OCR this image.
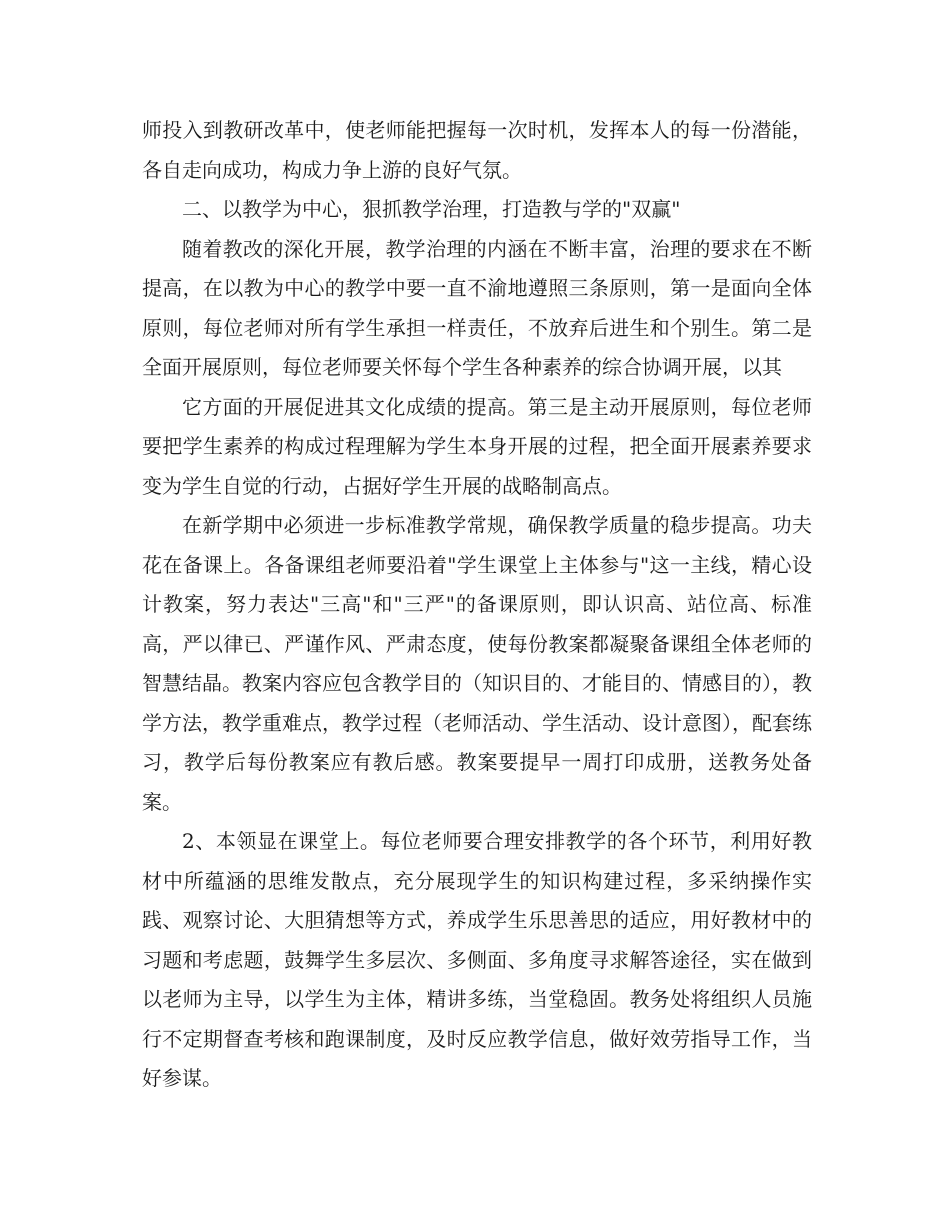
师投入到教研改革中，使老师能把握每一次时机，发挥本人的每一份潜能，各自走向成功，构成力争上游的良好气氛。

二、以教学为中心，狠抓教学治理，打造教与学的"双赢"

随着教改的深化开展，教学治理的内涵在不断丰富，治理的要求在不断提高，在以教为中心的教学中要一直不渝地遵照三条原则，第一是面向全体原则，每位老师对所有学生承担一样责任，不放弃后进生和个别生。第二是全面开展原则，每位老师要关怀每个学生各种素养的综合协调开展，以其

它方面的开展促进其文化成绩的提高。第三是主动开展原则，每位老师要把学生素养的构成过程理解为学生本身开展的过程，把全面开展素养要求变为学生自觉的行动，占据好学生开展的战略制高点。

在新学期中必须进一步标准教学常规，确保教学质量的稳步提高。功夫花在备课上。各备课组老师要沿着"学生课堂上主体参与"这一主线，精心设计教案，努力表达"三高"和"三严"的备课原则，即认识高、站位高、标准高，严以律已、严谨作风、严肃态度，使每份教案都凝聚备课组全体老师的智慧结晶。教案内容应包含教学目的（知识目的、才能目的、情感目的），教学方法，教学重难点，教学过程（老师活动、学生活动、设计意图），配套练习，教学后每份教案应有教后感。教案要提早一周打印成册，送教务处备案。

2、本领显在课堂上。每位老师要合理安排教学的各个环节，利用好教材中所蕴涵的思维发散点，充分展现学生的知识构建过程，多采纳操作实践、观察讨论、大胆猜想等方式，养成学生乐思善思的适应，用好教材中的习题和考虑题，鼓舞学生多层次、多侧面、多角度寻求解答途径，实在做到以老师为主导，以学生为主体，精讲多练，当堂稳固。教务处将组织人员施行不定期督查考核和跑课制度，及时反应教学信息，做好效劳指导工作，当好参谋。
